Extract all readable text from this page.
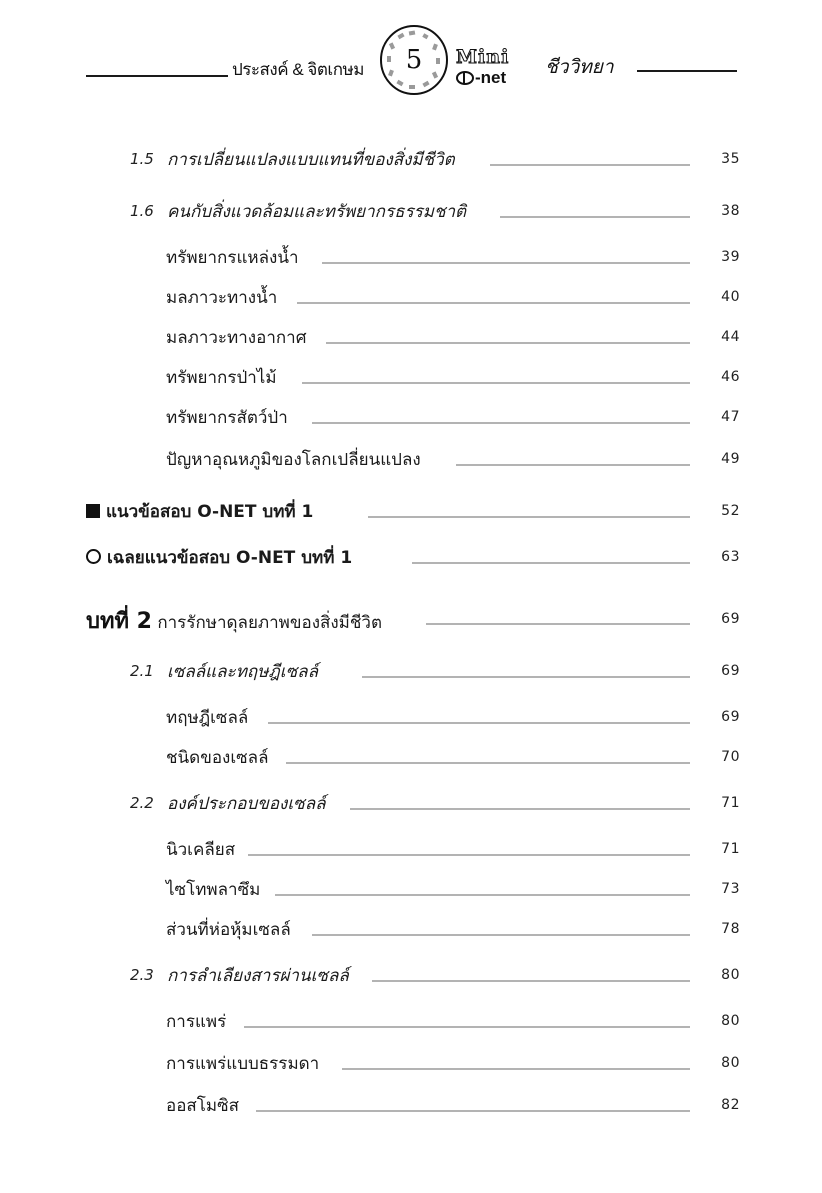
ประสงค์ & จิตเกษม	5	Mini
-net ชีววิทยา
1.5 การเปลี่ยนแปลงแบบแทนที่ของสิ่งมีชีวิต	35
1.6 คนกับสิ่งแวดล้อมและทรัพยากรธรรมชาติ	38
ทรัพยากรแหล่งน้ำ	39
มลภาวะทางน้ำ	40
มลภาวะทางอากาศ	44
ทรัพยากรป่าไม้	46
ทรัพยากรสัตว์ป่า	47
ปัญหาอุณหภูมิของโลกเปลี่ยนแปลง	49
แนวข้อสอบ O-NET บทที่ 1	52
เฉลยแนวข้อสอบ O-NET บทที่ 1	63
บทที่ 2 การรักษาดุลยภาพของสิ่งมีชีวิต	69
2.1 เซลล์และทฤษฎีเซลล์	69
ทฤษฎีเซลล์	69
ชนิดของเซลล์	70
2.2 องค์ประกอบของเซลล์	71
นิวเคลียส	71
ไซโทพลาซึม	73
ส่วนที่ห่อหุ้มเซลล์	78
2.3 การลำเลียงสารผ่านเซลล์	80
การแพร่	80
การแพร่แบบธรรมดา	80
ออสโมซิส	82
